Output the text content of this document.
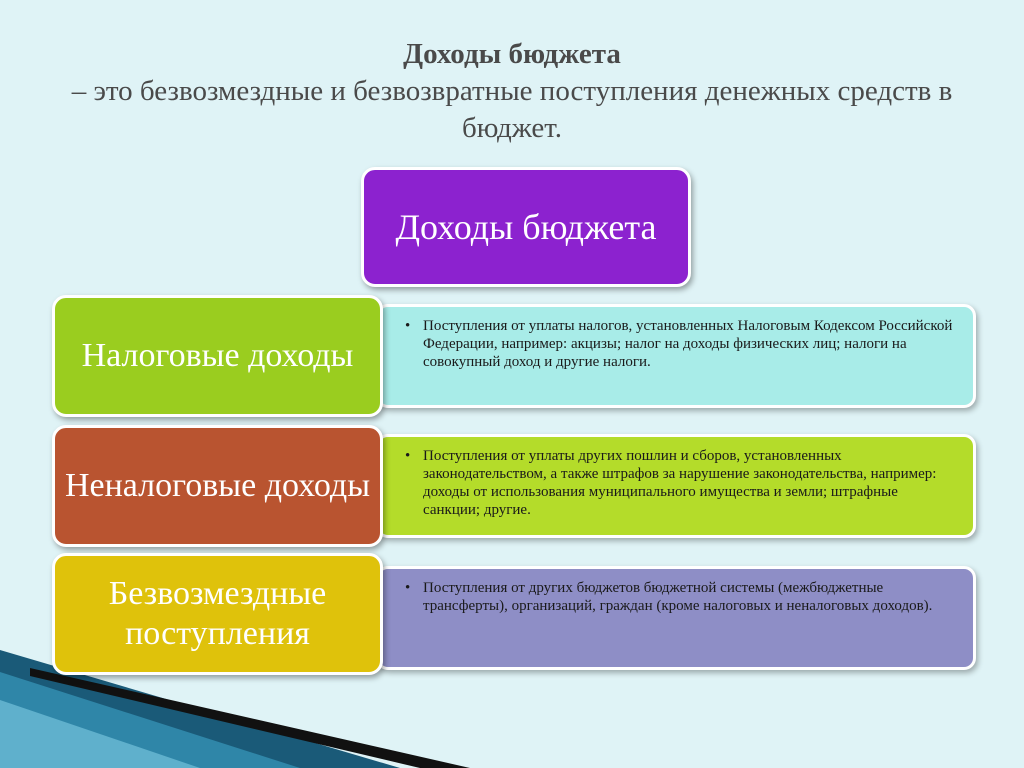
Доходы бюджета
– это безвозмездные и безвозвратные поступления денежных средств в бюджет.
Доходы бюджета
• Поступления от уплаты налогов, установленных Налоговым Кодексом Российской Федерации, например: акцизы; налог на доходы физических лиц; налоги на совокупный доход и другие налоги.
Налоговые доходы
• Поступления от уплаты других пошлин и сборов, установленных законодательством, а также штрафов за нарушение законодательства, например: доходы от использования муниципального имущества и земли; штрафные санкции; другие.
Неналоговые доходы
• Поступления от других бюджетов бюджетной системы (межбюджетные трансферты), организаций, граждан (кроме налоговых и неналоговых доходов).
Безвозмездные поступления
